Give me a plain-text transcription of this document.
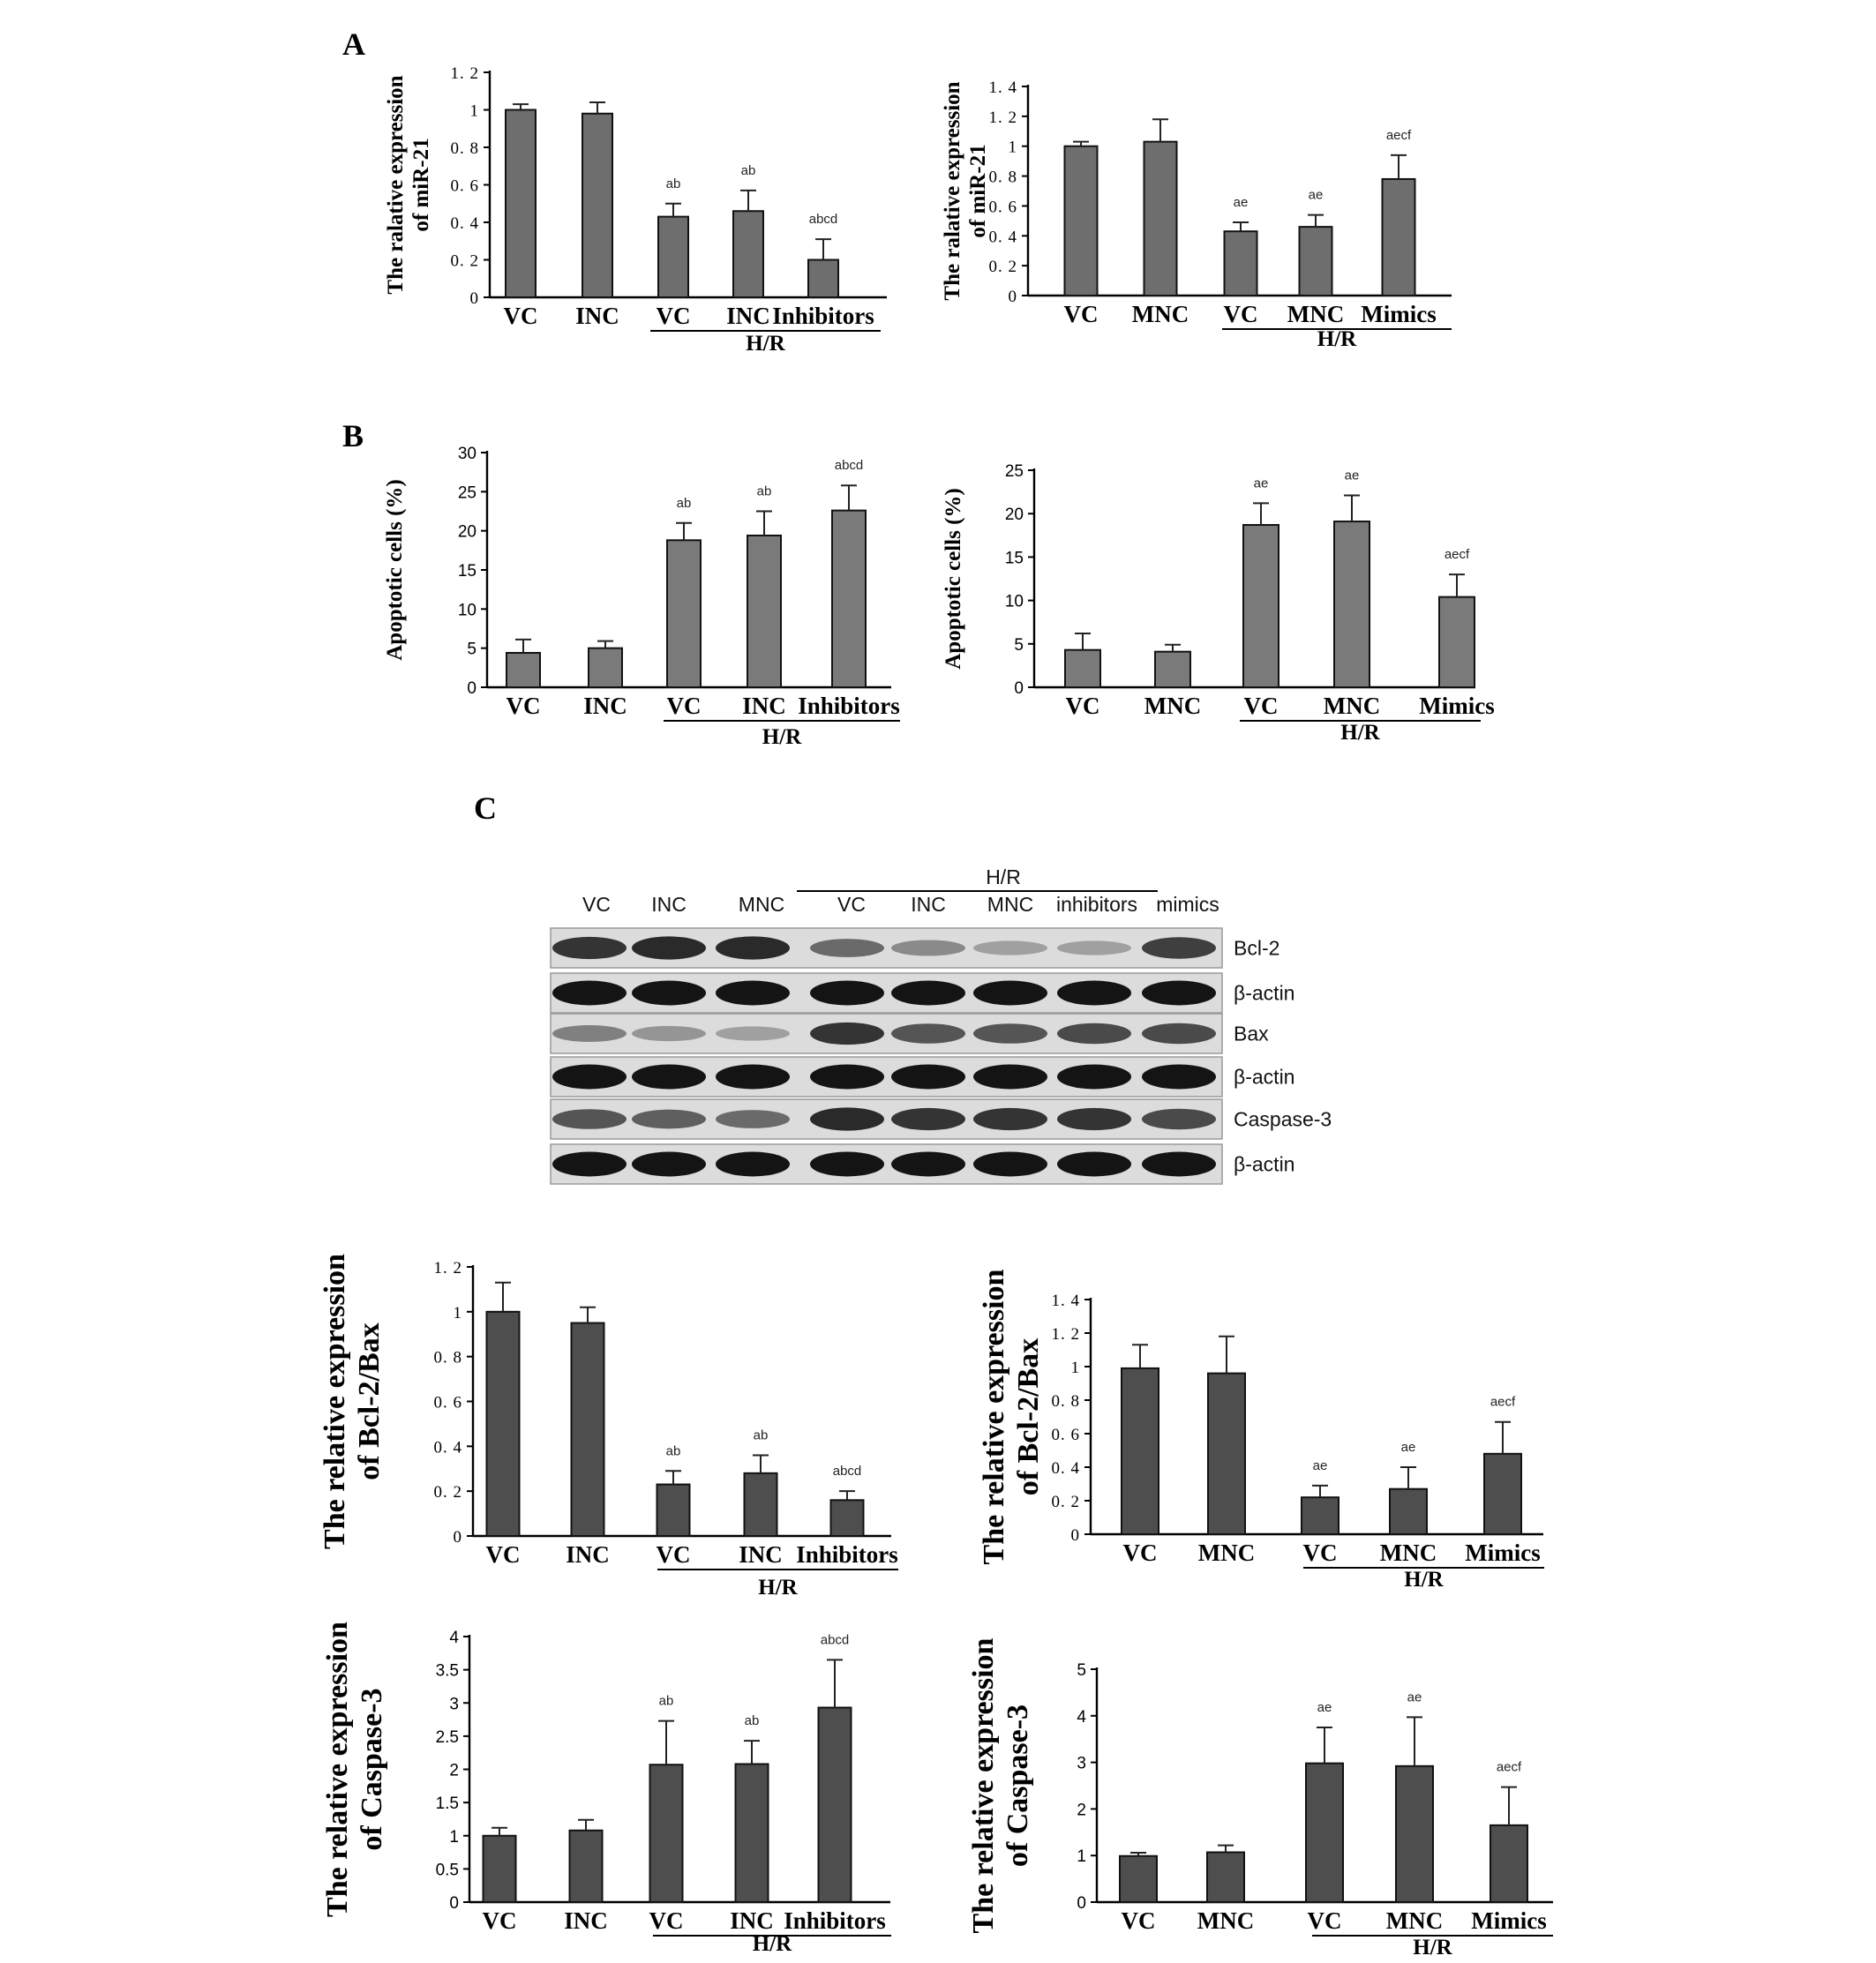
A
B
C
0
0. 2
0. 4
0. 6
0. 8
1
1. 2
The ralative expression of miR-21
VC INC
ab
VC
ab
INC
abcd
Inhibitors
H/R
0
0. 2
0. 4
0. 6
0. 8
1
1. 2
1. 4
The ralative expression of miR-21
VC MNC
ae
VC
ae
MNC
aecf
Mimics
H/R
0
5
10
15
20
25
30
Apoptotic cells (%)
VC INC
ab
VC
ab
INC
abcd
Inhibitors
H/R
0
5
10
15
20
25
Apoptotic cells (%)
VC MNC
ae
VC
ae
MNC
aecf
Mimics
H/R
0
0. 2
0. 4
0. 6
0. 8
1
1. 2
The relative expression of Bcl-2/Bax
VC INC
ab
VC
ab
INC
abcd
Inhibitors
H/R
0
0. 2
0. 4
0. 6
0. 8
1
1. 2
1. 4
The relative expression of Bcl-2/Bax
VC MNC
ae
VC
ae
MNC
aecf
Mimics
H/R
0
0.5
1
1.5
2
2.5
3
3.5
4
The relative expression of Caspase-3
VC INC
ab
VC
ab
INC
abcd
Inhibitors
H/R
0
1
2
3
4
5
The relative expression of Caspase-3
VC MNC
ae
VC
ae
MNC
aecf
Mimics
H/R
H/R
VC INC	MNC	VC INC MNC inhibitors mimics
Bcl-2
β-actin
Bax
β-actin
Caspase-3
β-actin
